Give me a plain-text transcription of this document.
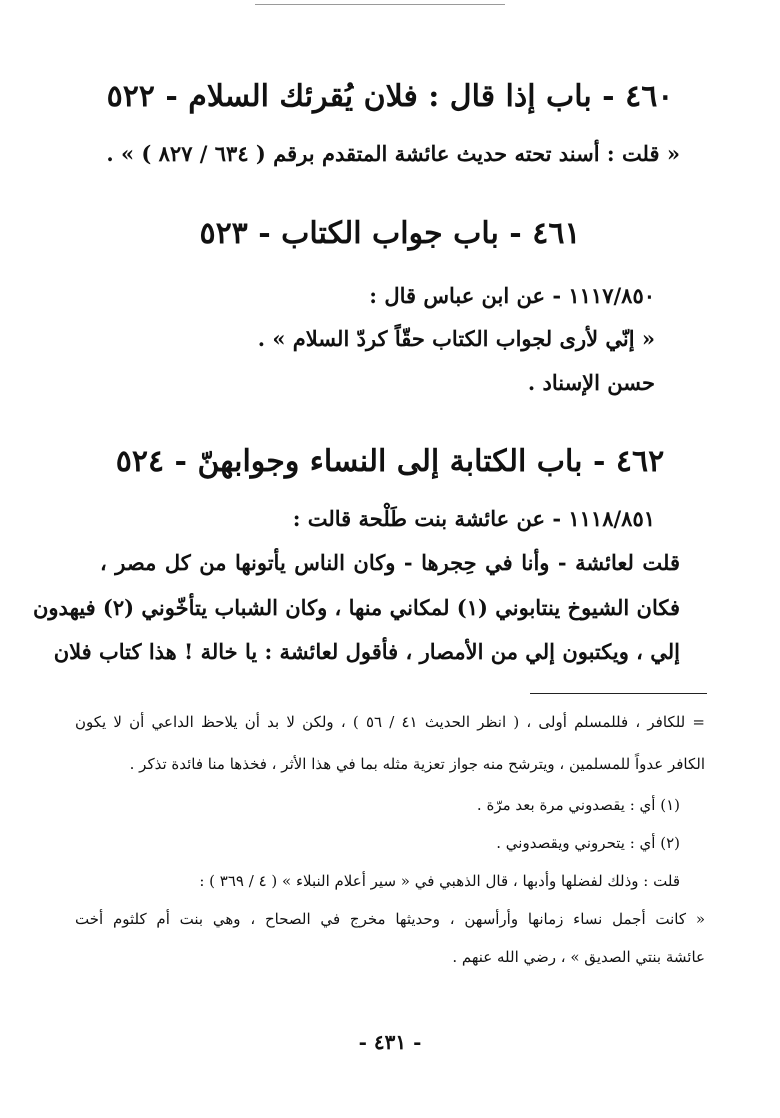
٤٦٠ - باب إذا قال : فلان يُقرئك السلام - ٥٢٢
« قلت : أسند تحته حديث عائشة المتقدم برقم ( ٦٣٤ / ٨٢٧ ) » .
٤٦١ - باب جواب الكتاب - ٥٢٣
١١١٧/٨٥٠ - عن ابن عباس قال :
« إنّي لأرى لجواب الكتاب حقّاً كردّ السلام » .
حسن الإسناد .
٤٦٢ - باب الكتابة إلى النساء وجوابهنّ - ٥٢٤
١١١٨/٨٥١ - عن عائشة بنت طَلْحة قالت :
قلت لعائشة - وأنا في حِجرها - وكان الناس يأتونها من كل مصر ،
فكان الشيوخ ينتابوني (١) لمكاني منها ، وكان الشباب يتأخّوني (٢) فيهدون
إلي ، ويكتبون إلي من الأمصار ، فأقول لعائشة : يا خالة ! هذا كتاب فلان
= للكافر ، فللمسلم أولى ، ( انظر الحديث ٤١ / ٥٦ ) ، ولكن لا بد أن يلاحظ الداعي أن لا يكون
الكافر عدواً للمسلمين ، ويترشح منه جواز تعزية مثله بما في هذا الأثر ، فخذها منا فائدة تذكر .
(١) أي : يقصدوني مرة بعد مرّة .
(٢) أي : يتحروني ويقصدوني .
قلت : وذلك لفضلها وأدبها ، قال الذهبي في « سير أعلام النبلاء » ( ٤ / ٣٦٩ ) :
« كانت أجمل نساء زمانها وأرأسهن ، وحديثها مخرج في الصحاح ، وهي بنت أم كلثوم أخت
عائشة بنتي الصديق » ، رضي الله عنهم .
- ٤٣١ -
